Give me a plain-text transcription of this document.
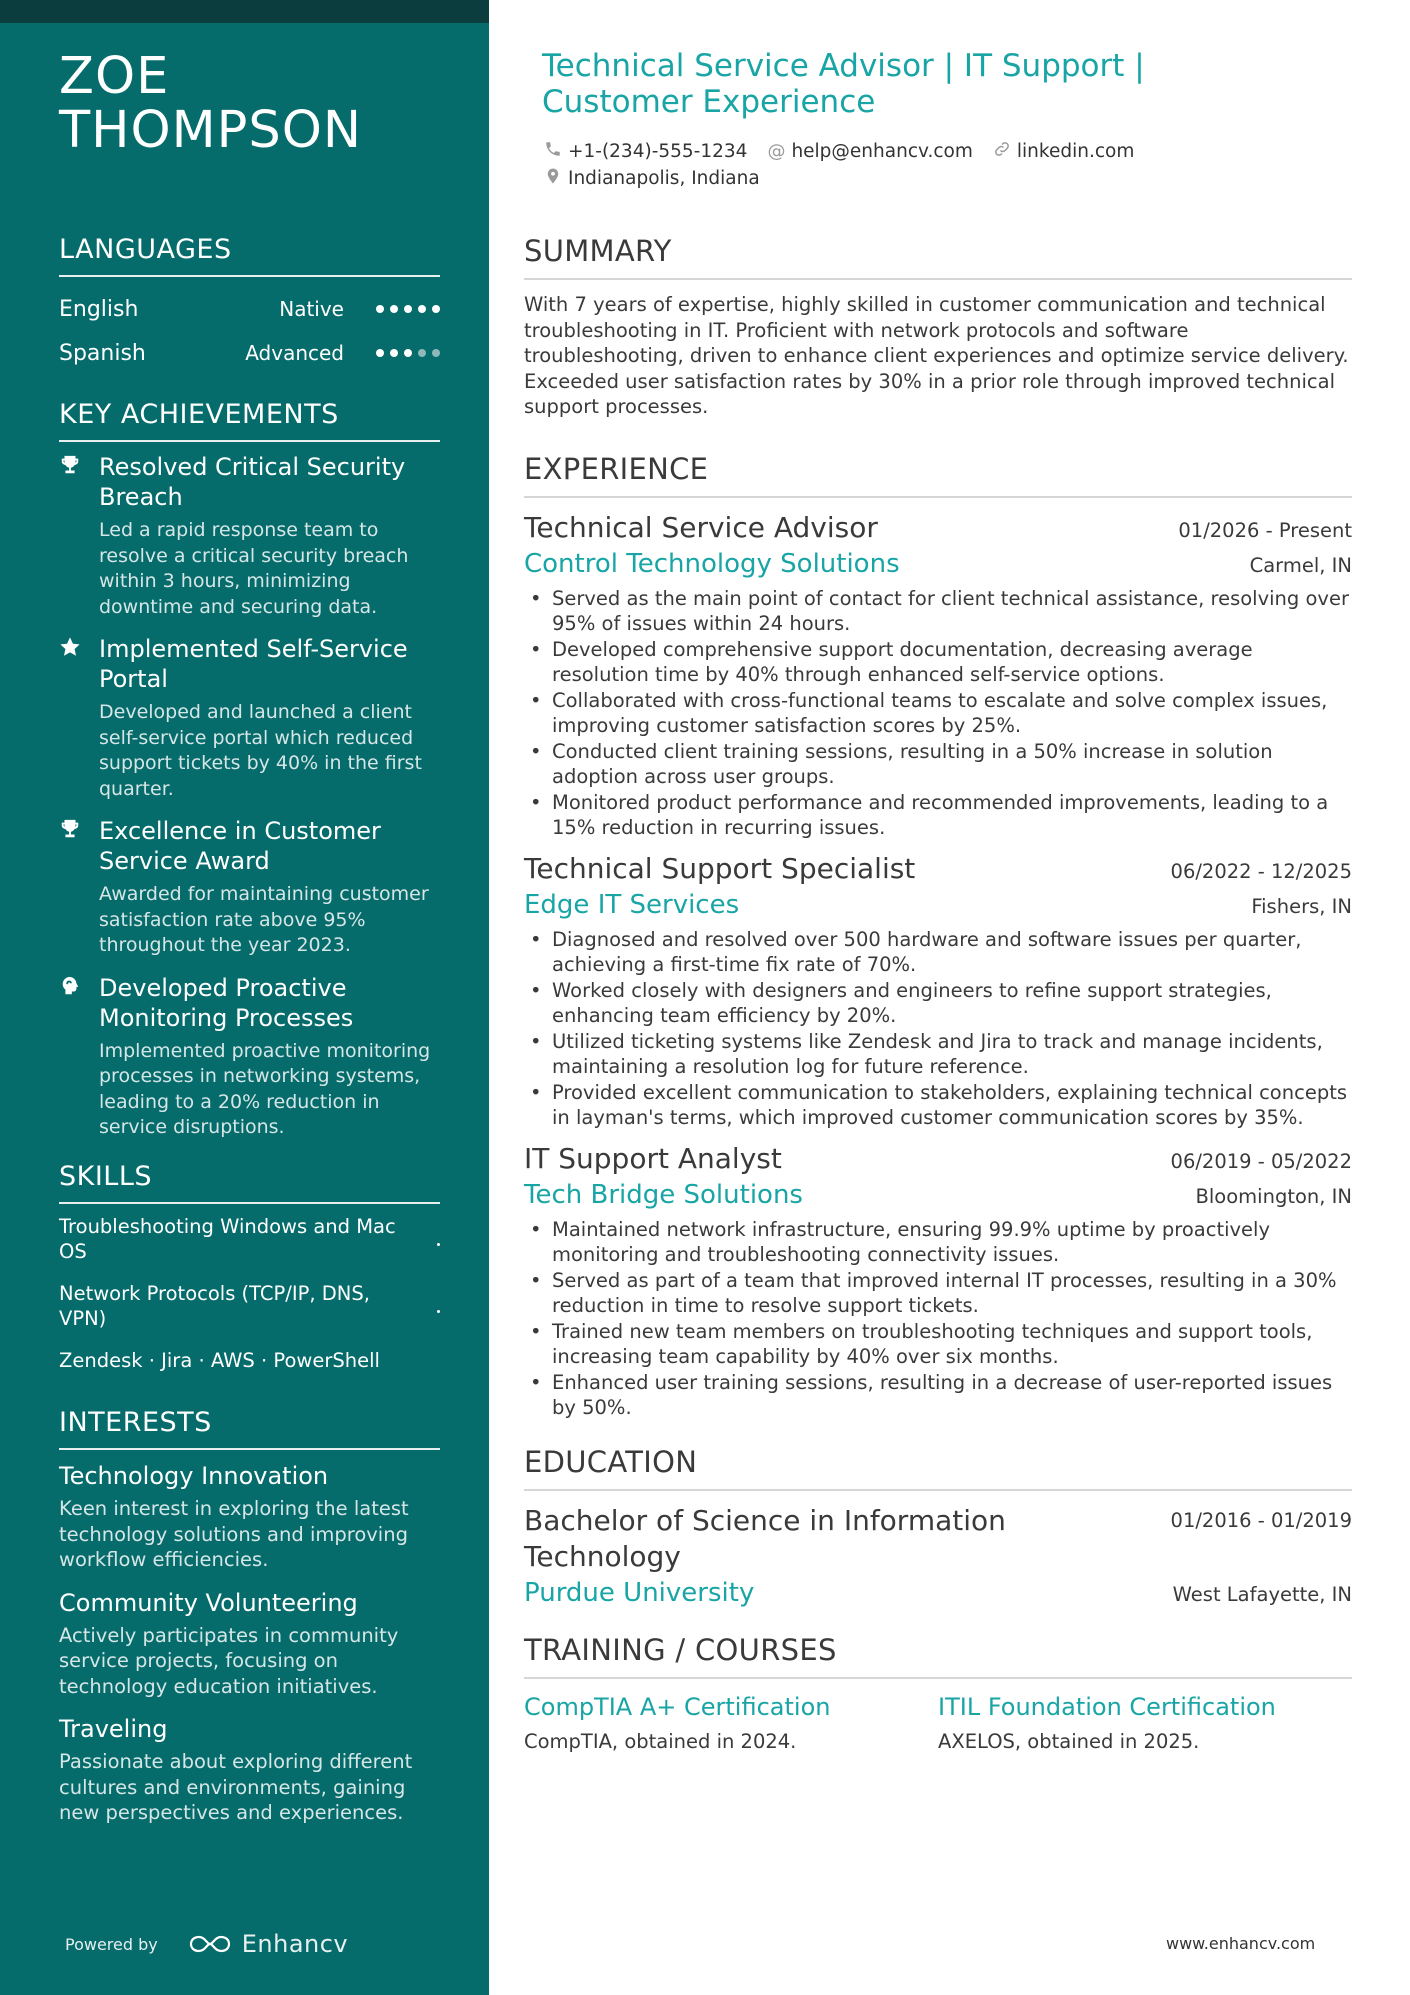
ZOE
THOMPSON
LANGUAGES
English	Native
Spanish	Advanced
KEY ACHIEVEMENTS
Resolved Critical Security Breach
Led a rapid response team to resolve a critical security breach within 3 hours, minimizing downtime and securing data.
Implemented Self-Service Portal
Developed and launched a client self-service portal which reduced support tickets by 40% in the first quarter.
Excellence in Customer Service Award
Awarded for maintaining customer satisfaction rate above 95% throughout the year 2023.
Developed Proactive Monitoring Processes
Implemented proactive monitoring processes in networking systems, leading to a 20% reduction in service disruptions.
SKILLS
Troubleshooting Windows and Mac OS
Network Protocols (TCP/IP, DNS, VPN)
Zendesk · Jira · AWS · PowerShell
INTERESTS
Technology Innovation
Keen interest in exploring the latest technology solutions and improving workflow efficiencies.
Community Volunteering
Actively participates in community service projects, focusing on technology education initiatives.
Traveling
Passionate about exploring different cultures and environments, gaining new perspectives and experiences.
Powered by	Enhancv
Technical Service Advisor | IT Support | Customer Experience
+1-(234)-555-1234 @ help@enhancv.com linkedin.com
Indianapolis, Indiana
SUMMARY

With 7 years of expertise, highly skilled in customer communication and technical troubleshooting in IT. Proficient with network protocols and software troubleshooting, driven to enhance client experiences and optimize service delivery. Exceeded user satisfaction rates by 30% in a prior role through improved technical support processes.

EXPERIENCE
Technical Service Advisor	01/2026 - Present
Control Technology Solutions	Carmel, IN
• Served as the main point of contact for client technical assistance, resolving over 95% of issues within 24 hours.
• Developed comprehensive support documentation, decreasing average resolution time by 40% through enhanced self-service options.
• Collaborated with cross-functional teams to escalate and solve complex issues, improving customer satisfaction scores by 25%.
• Conducted client training sessions, resulting in a 50% increase in solution adoption across user groups.
• Monitored product performance and recommended improvements, leading to a 15% reduction in recurring issues.
Technical Support Specialist	06/2022 - 12/2025
Edge IT Services	Fishers, IN
• Diagnosed and resolved over 500 hardware and software issues per quarter, achieving a first-time fix rate of 70%.
• Worked closely with designers and engineers to refine support strategies, enhancing team efficiency by 20%.
• Utilized ticketing systems like Zendesk and Jira to track and manage incidents, maintaining a resolution log for future reference.
• Provided excellent communication to stakeholders, explaining technical concepts in layman's terms, which improved customer communication scores by 35%.
IT Support Analyst	06/2019 - 05/2022
Tech Bridge Solutions	Bloomington, IN
• Maintained network infrastructure, ensuring 99.9% uptime by proactively monitoring and troubleshooting connectivity issues.
• Served as part of a team that improved internal IT processes, resulting in a 30% reduction in time to resolve support tickets.
• Trained new team members on troubleshooting techniques and support tools, increasing team capability by 40% over six months.
• Enhanced user training sessions, resulting in a decrease of user-reported issues by 50%.
EDUCATION
Bachelor of Science in Information Technology
01/2016 - 01/2019
Purdue University	West Lafayette, IN
TRAINING / COURSES
CompTIA A+ Certification
CompTIA, obtained in 2024.
ITIL Foundation Certification
AXELOS, obtained in 2025.
www.enhancv.com
